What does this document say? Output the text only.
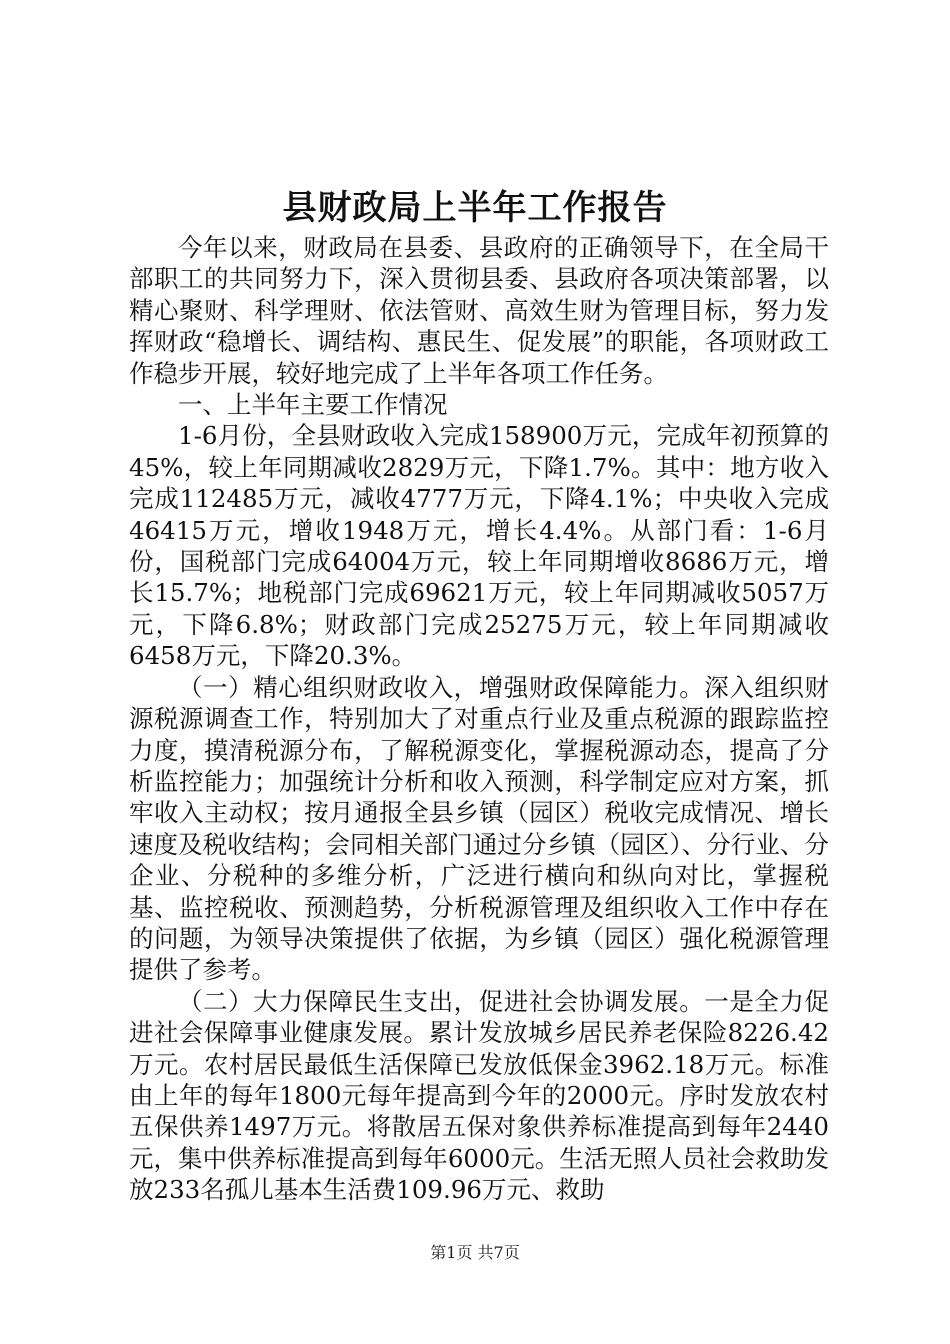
县财政局上半年工作报告

今年以来，财政局在县委、县政府的正确领导下，在全局干部职工的共同努力下，深入贯彻县委、县政府各项决策部署，以精心聚财、科学理财、依法管财、高效生财为管理目标，努力发挥财政“稳增长、调结构、惠民生、促发展”的职能，各项财政工作稳步开展，较好地完成了上半年各项工作任务。

一、上半年主要工作情况

1-6月份，全县财政收入完成158900万元，完成年初预算的45%，较上年同期减收2829万元，下降1.7%。其中：地方收入完成112485万元，减收4777万元，下降4.1%；中央收入完成46415万元，增收1948万元，增长4.4%。从部门看：1-6月份，国税部门完成64004万元，较上年同期增收8686万元，增长15.7%；地税部门完成69621万元，较上年同期减收5057万元，下降6.8%；财政部门完成25275万元，较上年同期减收6458万元，下降20.3%。

（一）精心组织财政收入，增强财政保障能力。深入组织财源税源调查工作，特别加大了对重点行业及重点税源的跟踪监控力度，摸清税源分布，了解税源变化，掌握税源动态，提高了分析监控能力；加强统计分析和收入预测，科学制定应对方案，抓牢收入主动权；按月通报全县乡镇（园区）税收完成情况、增长速度及税收结构；会同相关部门通过分乡镇（园区）、分行业、分企业、分税种的多维分析，广泛进行横向和纵向对比，掌握税基、监控税收、预测趋势，分析税源管理及组织收入工作中存在的问题，为领导决策提供了依据，为乡镇（园区）强化税源管理提供了参考。

（二）大力保障民生支出，促进社会协调发展。一是全力促进社会保障事业健康发展。累计发放城乡居民养老保险8226.42万元。农村居民最低生活保障已发放低保金3962.18万元。标准由上年的每年1800元每年提高到今年的2000元。序时发放农村五保供养1497万元。将散居五保对象供养标准提高到每年2440元，集中供养标准提高到每年6000元。生活无照人员社会救助发放233名孤儿基本生活费109.96万元、救助

第1页 共7页
